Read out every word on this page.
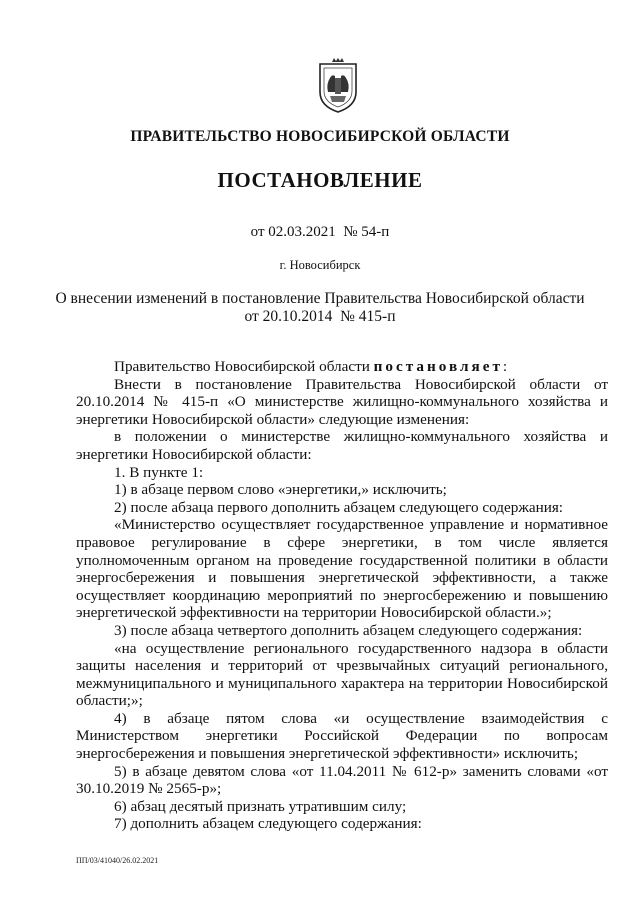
ПРАВИТЕЛЬСТВО НОВОСИБИРСКОЙ ОБЛАСТИ
ПОСТАНОВЛЕНИЕ
от 02.03.2021  № 54-п
г. Новосибирск
О внесении изменений в постановление Правительства Новосибирской области
от 20.10.2014  № 415-п

Правительство Новосибирской области постановляет:

Внести в постановление Правительства Новосибирской области от 20.10.2014 № 415-п «О министерстве жилищно-коммунального хозяйства и энергетики Новосибирской области» следующие изменения:

в положении о министерстве жилищно-коммунального хозяйства и энергетики Новосибирской области:

1. В пункте 1:

1) в абзаце первом слово «энергетики,» исключить;

2) после абзаца первого дополнить абзацем следующего содержания:

«Министерство осуществляет государственное управление и нормативное правовое регулирование в сфере энергетики, в том числе является уполномоченным органом на проведение государственной политики в области энергосбережения и повышения энергетической эффективности, а также осуществляет координацию мероприятий по энергосбережению и повышению энергетической эффективности на территории Новосибирской области.»;

3) после абзаца четвертого дополнить абзацем следующего содержания:

«на осуществление регионального государственного надзора в области защиты населения и территорий от чрезвычайных ситуаций регионального, межмуниципального и муниципального характера на территории Новосибирской области;»;

4) в абзаце пятом слова «и осуществление взаимодействия с Министерством энергетики Российской Федерации по вопросам энергосбережения и повышения энергетической эффективности» исключить;

5) в абзаце девятом слова «от 11.04.2011 № 612-р» заменить словами «от 30.10.2019 № 2565-р»;

6) абзац десятый признать утратившим силу;

7) дополнить абзацем следующего содержания:

ПП/03/41040/26.02.2021
